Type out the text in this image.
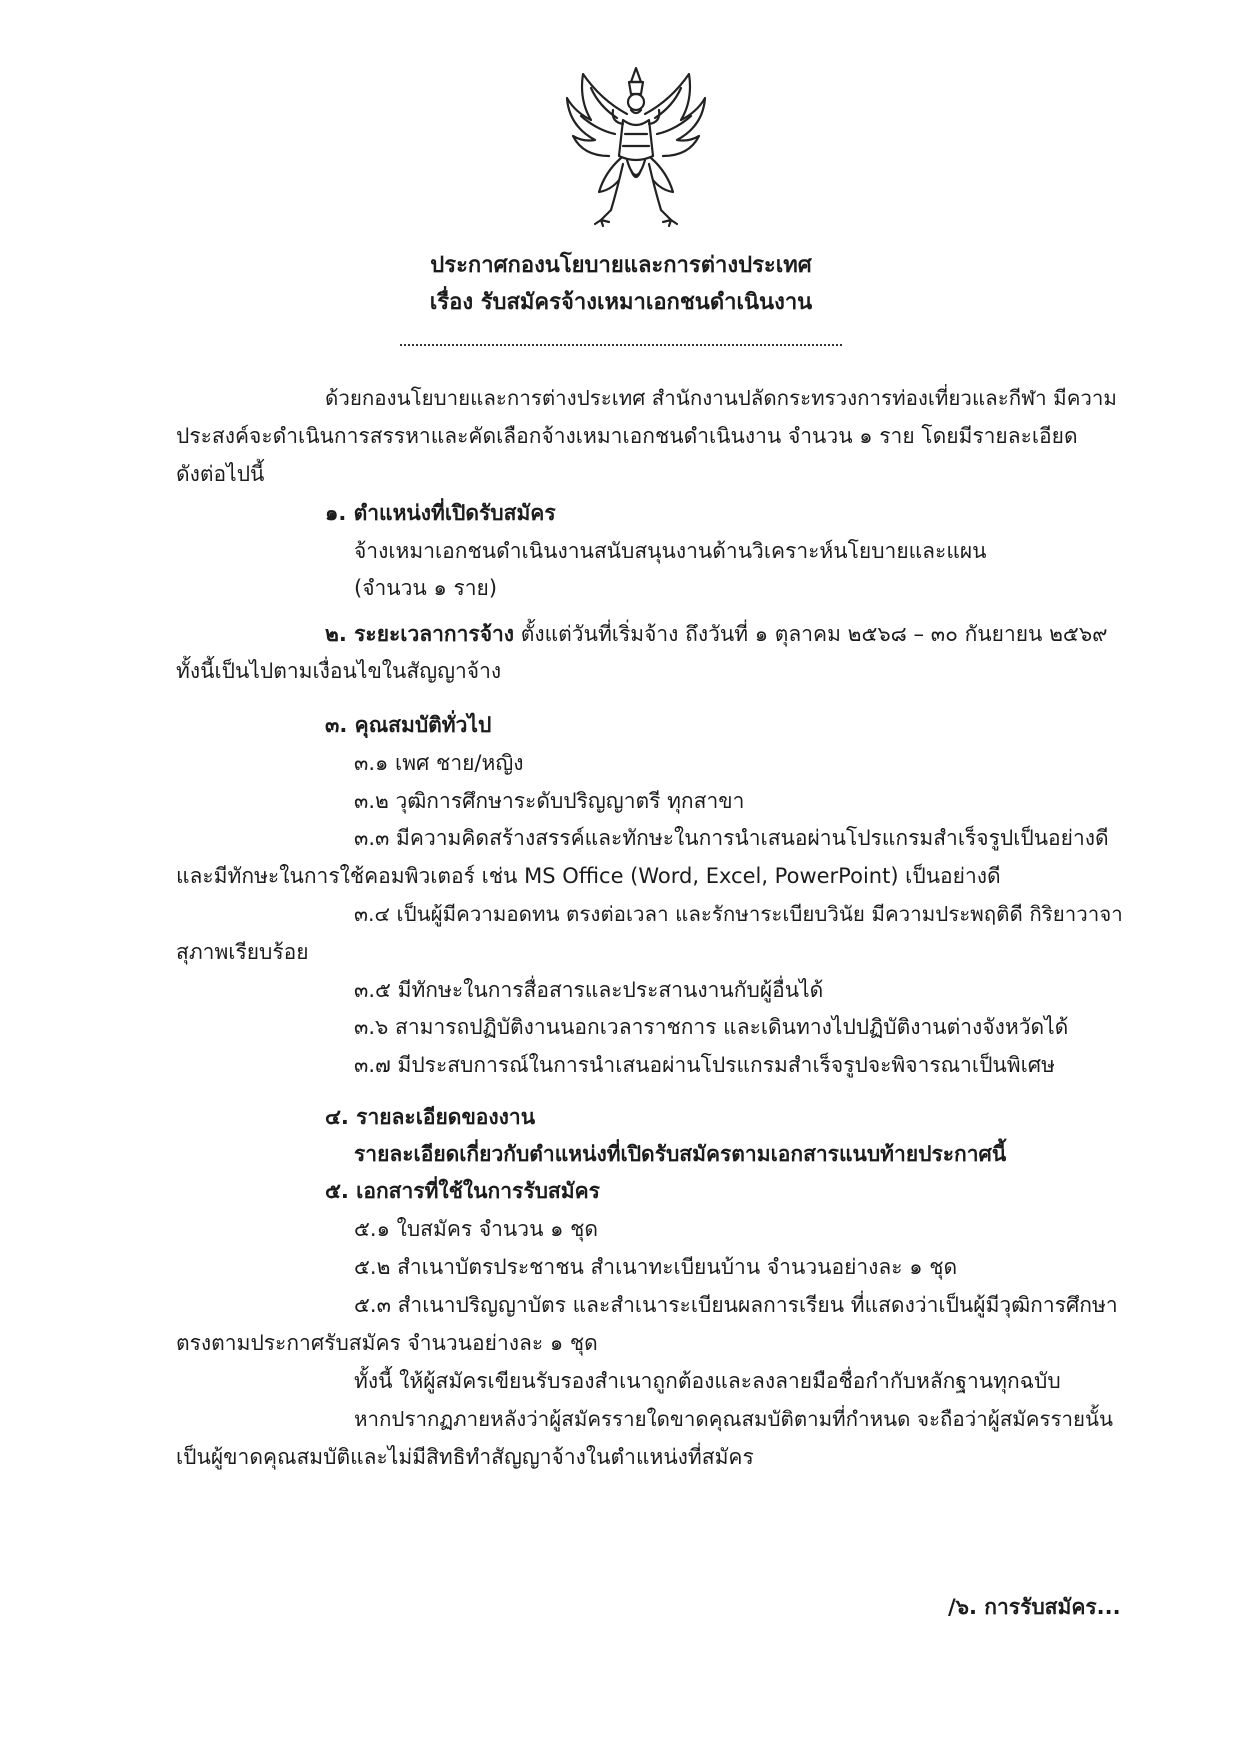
ประกาศกองนโยบายและการต่างประเทศ
เรื่อง รับสมัครจ้างเหมาเอกชนดำเนินงาน
ด้วยกองนโยบายและการต่างประเทศ สำนักงานปลัดกระทรวงการท่องเที่ยวและกีฬา มีความ
ประสงค์จะดำเนินการสรรหาและคัดเลือกจ้างเหมาเอกชนดำเนินงาน จำนวน ๑ ราย โดยมีรายละเอียด
ดังต่อไปนี้
๑. ตำแหน่งที่เปิดรับสมัคร
จ้างเหมาเอกชนดำเนินงานสนับสนุนงานด้านวิเคราะห์นโยบายและแผน
(จำนวน ๑ ราย)
๒. ระยะเวลาการจ้าง ตั้งแต่วันที่เริ่มจ้าง ถึงวันที่ ๑ ตุลาคม ๒๕๖๘ – ๓๐ กันยายน ๒๕๖๙
ทั้งนี้เป็นไปตามเงื่อนไขในสัญญาจ้าง
๓. คุณสมบัติทั่วไป
๓.๑ เพศ ชาย/หญิง
๓.๒ วุฒิการศึกษาระดับปริญญาตรี ทุกสาขา
๓.๓ มีความคิดสร้างสรรค์และทักษะในการนำเสนอผ่านโปรแกรมสำเร็จรูปเป็นอย่างดี
และมีทักษะในการใช้คอมพิวเตอร์ เช่น MS Office (Word, Excel, PowerPoint) เป็นอย่างดี
๓.๔ เป็นผู้มีความอดทน ตรงต่อเวลา และรักษาระเบียบวินัย มีความประพฤติดี กิริยาวาจา
สุภาพเรียบร้อย
๓.๕ มีทักษะในการสื่อสารและประสานงานกับผู้อื่นได้
๓.๖ สามารถปฏิบัติงานนอกเวลาราชการ และเดินทางไปปฏิบัติงานต่างจังหวัดได้
๓.๗ มีประสบการณ์ในการนำเสนอผ่านโปรแกรมสำเร็จรูปจะพิจารณาเป็นพิเศษ
๔. รายละเอียดของงาน
รายละเอียดเกี่ยวกับตำแหน่งที่เปิดรับสมัครตามเอกสารแนบท้ายประกาศนี้
๕. เอกสารที่ใช้ในการรับสมัคร
๕.๑ ใบสมัคร จำนวน ๑ ชุด
๕.๒ สำเนาบัตรประชาชน สำเนาทะเบียนบ้าน จำนวนอย่างละ ๑ ชุด
๕.๓ สำเนาปริญญาบัตร และสำเนาระเบียนผลการเรียน ที่แสดงว่าเป็นผู้มีวุฒิการศึกษา
ตรงตามประกาศรับสมัคร จำนวนอย่างละ ๑ ชุด
ทั้งนี้ ให้ผู้สมัครเขียนรับรองสำเนาถูกต้องและลงลายมือชื่อกำกับหลักฐานทุกฉบับ
หากปรากฏภายหลังว่าผู้สมัครรายใดขาดคุณสมบัติตามที่กำหนด จะถือว่าผู้สมัครรายนั้น
เป็นผู้ขาดคุณสมบัติและไม่มีสิทธิทำสัญญาจ้างในตำแหน่งที่สมัคร
/๖. การรับสมัคร...
